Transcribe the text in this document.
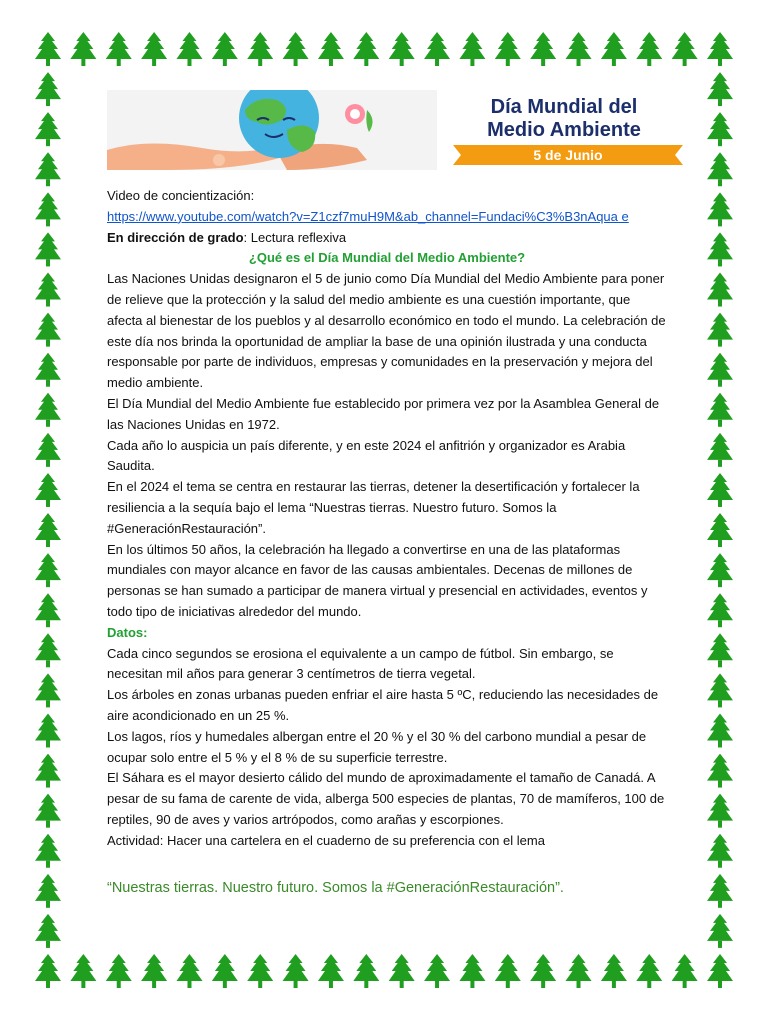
Día Mundial del
Medio Ambiente
5 de Junio

Video de concientización:

https://www.youtube.com/watch?v=Z1czf7muH9M&ab_channel=Fundaci%C3%B3nAqua e

En dirección de grado: Lectura reflexiva

¿Qué es el Día Mundial del Medio Ambiente?

Las Naciones Unidas designaron el 5 de junio como Día Mundial del Medio Ambiente para poner de relieve que la protección y la salud del medio ambiente es una cuestión importante, que afecta al bienestar de los pueblos y al desarrollo económico en todo el mundo. La celebración de este día nos brinda la oportunidad de ampliar la base de una opinión ilustrada y una conducta responsable por parte de individuos, empresas y comunidades en la preservación y mejora del medio ambiente.

El Día Mundial del Medio Ambiente fue establecido por primera vez por la Asamblea General de las Naciones Unidas en 1972.

Cada año lo auspicia un país diferente, y en este 2024 el anfitrión y organizador es Arabia Saudita.

En el 2024 el tema se centra en restaurar las tierras, detener la desertificación y fortalecer la resiliencia a la sequía bajo el lema “Nuestras tierras. Nuestro futuro. Somos la #GeneraciónRestauración”.

En los últimos 50 años, la celebración ha llegado a convertirse en una de las plataformas mundiales con mayor alcance en favor de las causas ambientales. Decenas de millones de personas se han sumado a participar de manera virtual y presencial en actividades, eventos y todo tipo de iniciativas alrededor del mundo.

Datos:

Cada cinco segundos se erosiona el equivalente a un campo de fútbol. Sin embargo, se necesitan mil años para generar 3 centímetros de tierra vegetal.

Los árboles en zonas urbanas pueden enfriar el aire hasta 5 ºC, reduciendo las necesidades de aire acondicionado en un 25 %.

Los lagos, ríos y humedales albergan entre el 20 % y el 30 % del carbono mundial a pesar de ocupar solo entre el 5 % y el 8 % de su superficie terrestre.

El Sáhara es el mayor desierto cálido del mundo de aproximadamente el tamaño de Canadá. A pesar de su fama de carente de vida, alberga 500 especies de plantas, 70 de mamíferos, 100 de reptiles, 90 de aves y varios artrópodos, como arañas y escorpiones.

Actividad: Hacer una cartelera en el cuaderno de su preferencia con el lema

“Nuestras tierras. Nuestro futuro. Somos la #GeneraciónRestauración”.
